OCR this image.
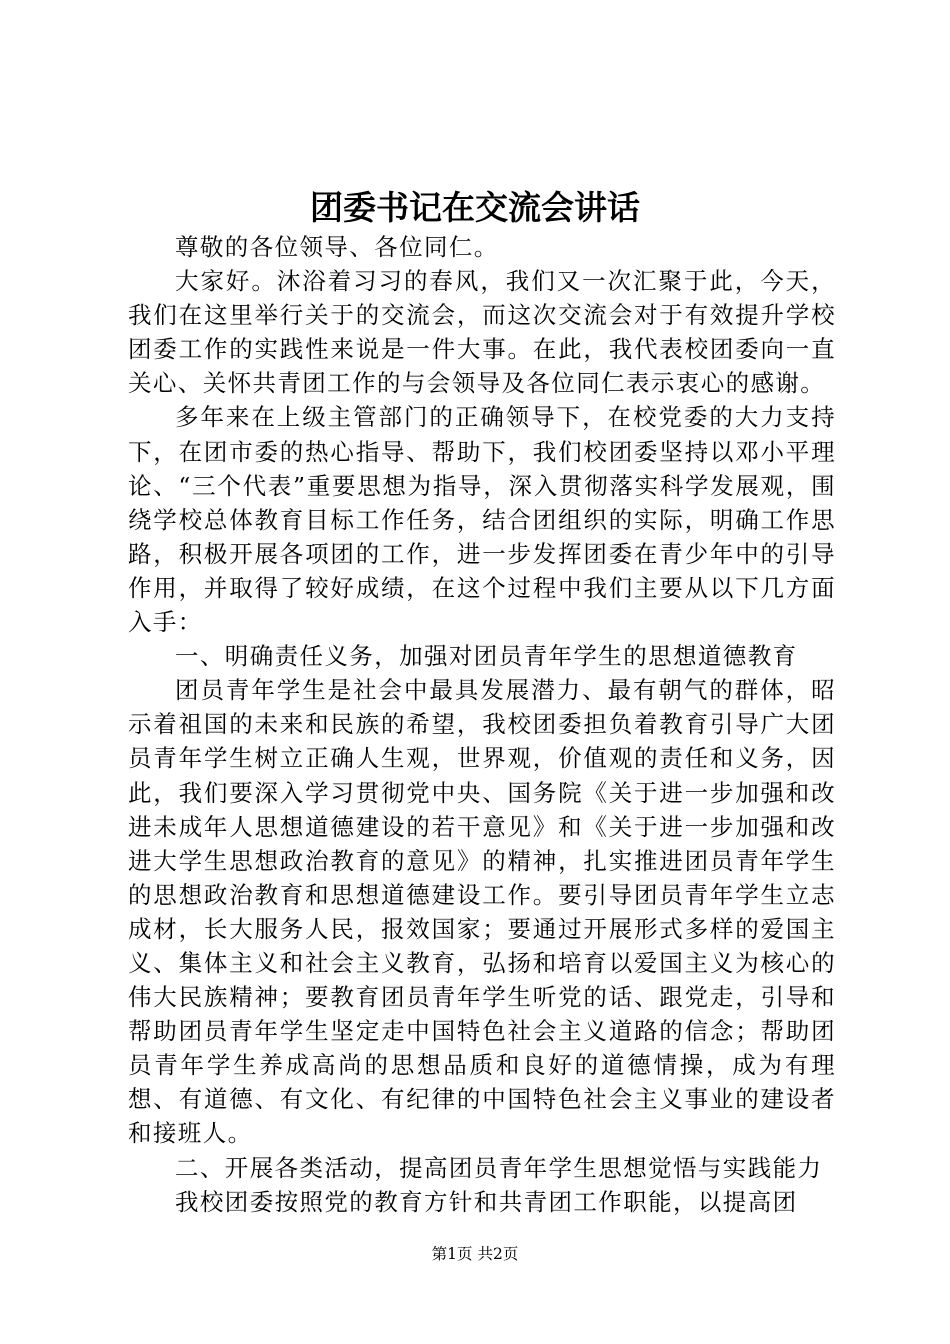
团委书记在交流会讲话

尊敬的各位领导、各位同仁。

大家好。沐浴着习习的春风，我们又一次汇聚于此，今天，我们在这里举行关于的交流会，而这次交流会对于有效提升学校团委工作的实践性来说是一件大事。在此，我代表校团委向一直关心、关怀共青团工作的与会领导及各位同仁表示衷心的感谢。

多年来在上级主管部门的正确领导下，在校党委的大力支持下，在团市委的热心指导、帮助下，我们校团委坚持以邓小平理论、“三个代表”重要思想为指导，深入贯彻落实科学发展观，围绕学校总体教育目标工作任务，结合团组织的实际，明确工作思路，积极开展各项团的工作，进一步发挥团委在青少年中的引导作用，并取得了较好成绩，在这个过程中我们主要从以下几方面入手：

一、明确责任义务，加强对团员青年学生的思想道德教育

团员青年学生是社会中最具发展潜力、最有朝气的群体，昭示着祖国的未来和民族的希望，我校团委担负着教育引导广大团员青年学生树立正确人生观，世界观，价值观的责任和义务，因此，我们要深入学习贯彻党中央、国务院《关于进一步加强和改进未成年人思想道德建设的若干意见》和《关于进一步加强和改进大学生思想政治教育的意见》的精神，扎实推进团员青年学生的思想政治教育和思想道德建设工作。要引导团员青年学生立志成材，长大服务人民，报效国家；要通过开展形式多样的爱国主义、集体主义和社会主义教育，弘扬和培育以爱国主义为核心的伟大民族精神；要教育团员青年学生听党的话、跟党走，引导和帮助团员青年学生坚定走中国特色社会主义道路的信念；帮助团员青年学生养成高尚的思想品质和良好的道德情操，成为有理想、有道德、有文化、有纪律的中国特色社会主义事业的建设者和接班人。

二、开展各类活动，提高团员青年学生思想觉悟与实践能力

我校团委按照党的教育方针和共青团工作职能，以提高团

第1页 共2页
